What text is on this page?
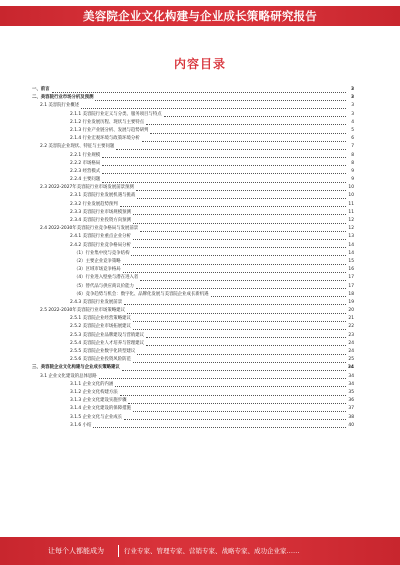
美容院企业文化构建与企业成长策略研究报告
内容目录
一、前言	3
二、美容院行业市场分析及预测	3
2.1 美容院行业概述	3
2.1.1 美容院行业定义与分类、服务项目与特点	3
2.1.2 行业发展历程、现状与主要特点	4
2.1.3 行业产业链分析、发展与趋势研判	5
2.1.4 行业宏观环境与政策环境分析	6
2.2 美容院企业现状、特征与主要问题	7
2.2.1 行业规模	8
2.2.2 市场格局	8
2.2.3 经营模式	9
2.2.4 主要问题	9
2.3 2022-2027年美容院行业市场发展前景预测	10
2.3.1 美容院行业发展机遇与挑战	10
2.3.2 行业发展趋势预判	11
2.3.3 美容院行业市场规模预测	11
2.3.4 美容院行业投资方向预测	12
2.4 2022-2030年美容院行业竞争格局与发展前景	12
2.4.1 美容院行业重点企业分析	13
2.4.2 美容院行业竞争格局分析	14
（1）行业集中度与竞争结构	14
（2）主要企业竞争策略	15
（3）区域市场竞争格局	16
（4）行业进入壁垒与潜在进入者	17
（5）替代品与供应商议价能力	17
（6）竞争趋势与机会：数字化、品牌化发展与美容院企业成长新机遇	18
2.4.3 美容院行业发展前景	19
2.5 2022-2030年美容院行业市场策略建议	20
2.5.1 美容院企业经营策略建议	21
2.5.2 美容院企业市场拓展建议	22
2.5.3 美容院企业品牌建设与营销建议	23
2.5.4 美容院企业人才培养与管理建议	24
2.5.5 美容院企业数字化转型建议	24
2.5.6 美容院企业投资风险防范	25
三、美容院企业文化构建与企业成长策略建议	34
3.1 企业文化建设的总体思路	34
3.1.1 企业文化的内涵	34
3.1.2 企业文化构建方法	35
3.1.3 企业文化建设实施步骤	36
3.1.4 企业文化建设的保障措施	37
3.1.5 企业文化与企业成长	38
3.1.6 小结	40
让每个人都能成为	行业专家、管理专家、营销专家、战略专家、成功企业家……
